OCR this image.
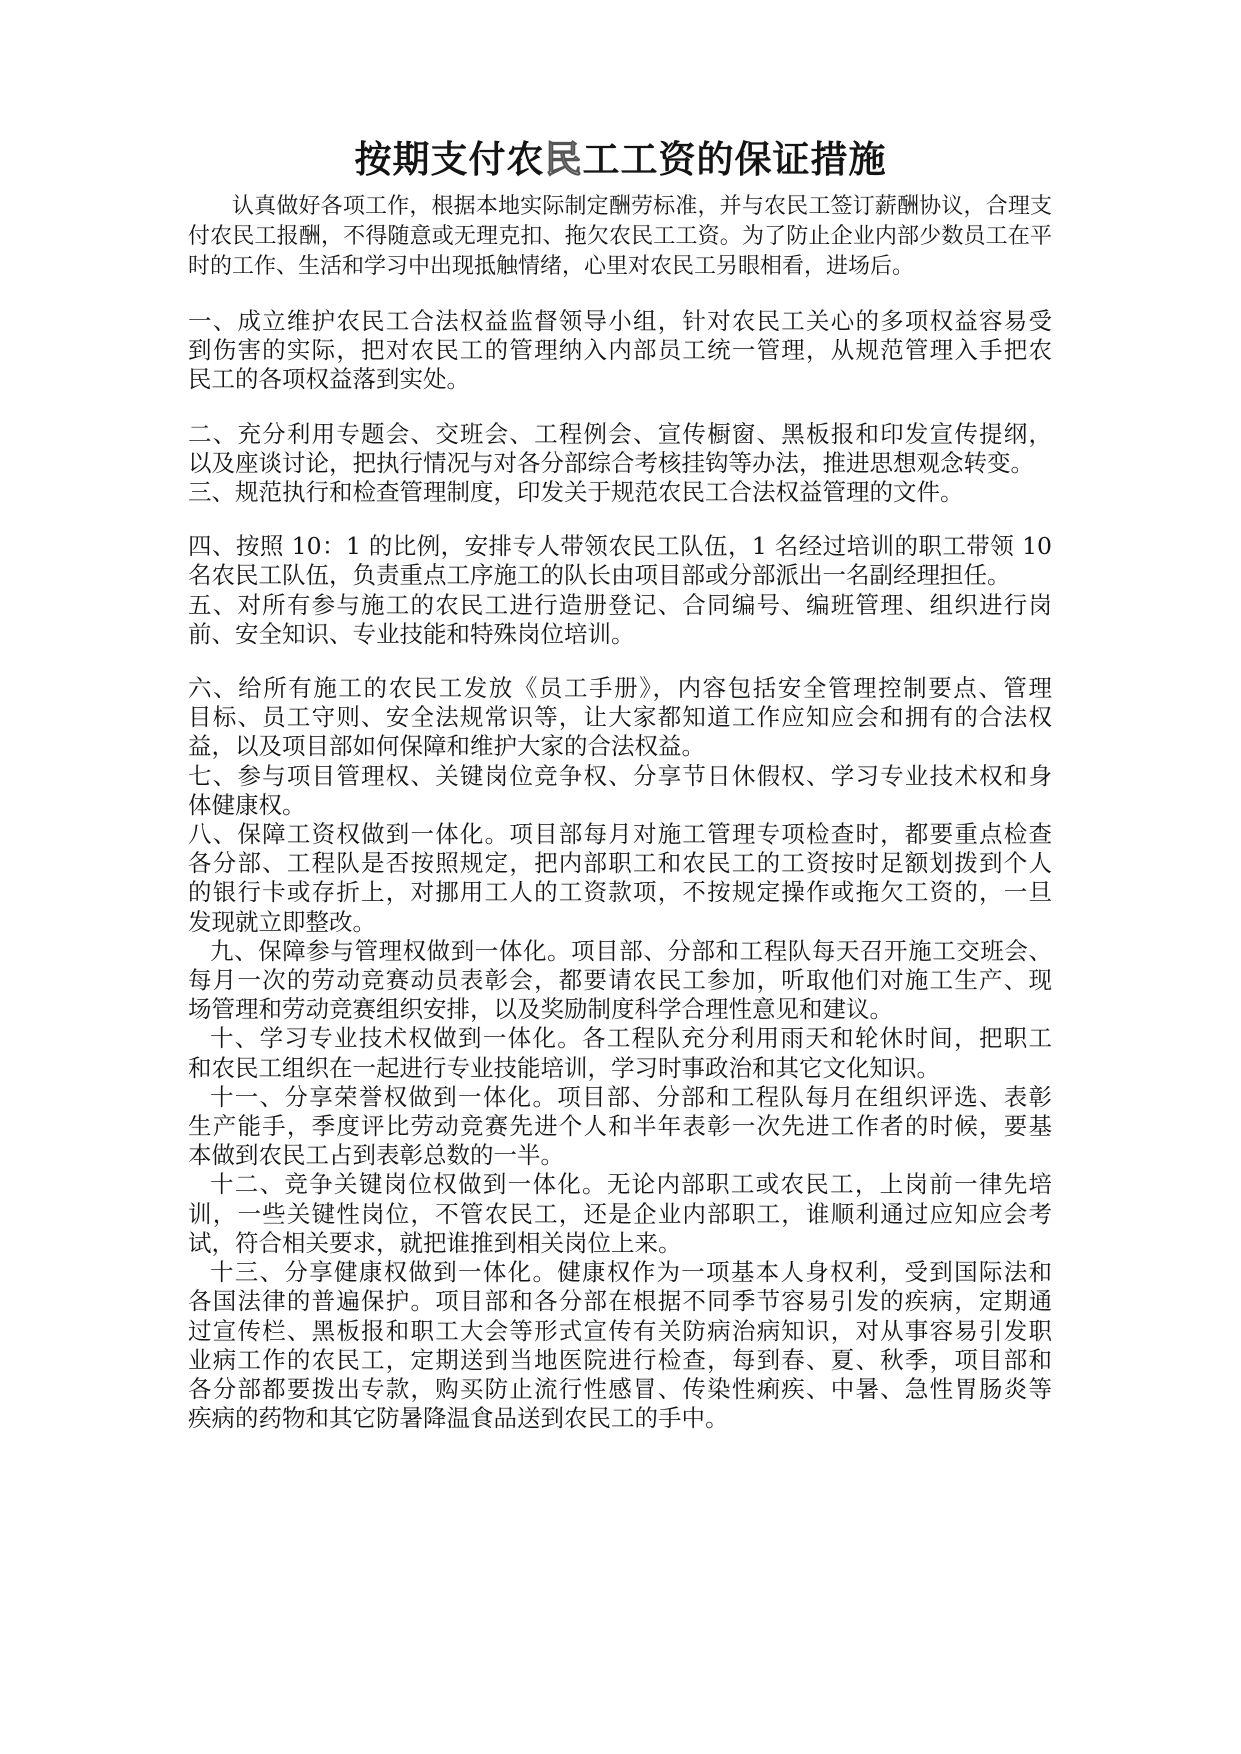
按期支付农民工工资的保证措施
认真做好各项工作，根据本地实际制定酬劳标准，并与农民工签订薪酬协议，合理支
付农民工报酬，不得随意或无理克扣、拖欠农民工工资。为了防止企业内部少数员工在平
时的工作、生活和学习中出现抵触情绪，心里对农民工另眼相看，进场后。
一、成立维护农民工合法权益监督领导小组，针对农民工关心的多项权益容易受
到伤害的实际，把对农民工的管理纳入内部员工统一管理，从规范管理入手把农
民工的各项权益落到实处。
二、充分利用专题会、交班会、工程例会、宣传橱窗、黑板报和印发宣传提纲，
以及座谈讨论，把执行情况与对各分部综合考核挂钩等办法，推进思想观念转变。
三、规范执行和检查管理制度，印发关于规范农民工合法权益管理的文件。
四、按照 10：1 的比例，安排专人带领农民工队伍，1 名经过培训的职工带领 10
名农民工队伍，负责重点工序施工的队长由项目部或分部派出一名副经理担任。
五、对所有参与施工的农民工进行造册登记、合同编号、编班管理、组织进行岗
前、安全知识、专业技能和特殊岗位培训。
六、给所有施工的农民工发放《员工手册》，内容包括安全管理控制要点、管理
目标、员工守则、安全法规常识等，让大家都知道工作应知应会和拥有的合法权
益，以及项目部如何保障和维护大家的合法权益。
七、参与项目管理权、关键岗位竞争权、分享节日休假权、学习专业技术权和身
体健康权。
八、保障工资权做到一体化。项目部每月对施工管理专项检查时，都要重点检查
各分部、工程队是否按照规定，把内部职工和农民工的工资按时足额划拨到个人
的银行卡或存折上，对挪用工人的工资款项，不按规定操作或拖欠工资的，一旦
发现就立即整改。
九、保障参与管理权做到一体化。项目部、分部和工程队每天召开施工交班会、
每月一次的劳动竞赛动员表彰会，都要请农民工参加，听取他们对施工生产、现
场管理和劳动竞赛组织安排，以及奖励制度科学合理性意见和建议。
十、学习专业技术权做到一体化。各工程队充分利用雨天和轮休时间，把职工
和农民工组织在一起进行专业技能培训，学习时事政治和其它文化知识。
十一、分享荣誉权做到一体化。项目部、分部和工程队每月在组织评选、表彰
生产能手，季度评比劳动竞赛先进个人和半年表彰一次先进工作者的时候，要基
本做到农民工占到表彰总数的一半。
十二、竞争关键岗位权做到一体化。无论内部职工或农民工，上岗前一律先培
训，一些关键性岗位，不管农民工，还是企业内部职工，谁顺利通过应知应会考
试，符合相关要求，就把谁推到相关岗位上来。
十三、分享健康权做到一体化。健康权作为一项基本人身权利，受到国际法和
各国法律的普遍保护。项目部和各分部在根据不同季节容易引发的疾病，定期通
过宣传栏、黑板报和职工大会等形式宣传有关防病治病知识，对从事容易引发职
业病工作的农民工，定期送到当地医院进行检查，每到春、夏、秋季，项目部和
各分部都要拨出专款，购买防止流行性感冒、传染性痢疾、中暑、急性胃肠炎等
疾病的药物和其它防暑降温食品送到农民工的手中。
